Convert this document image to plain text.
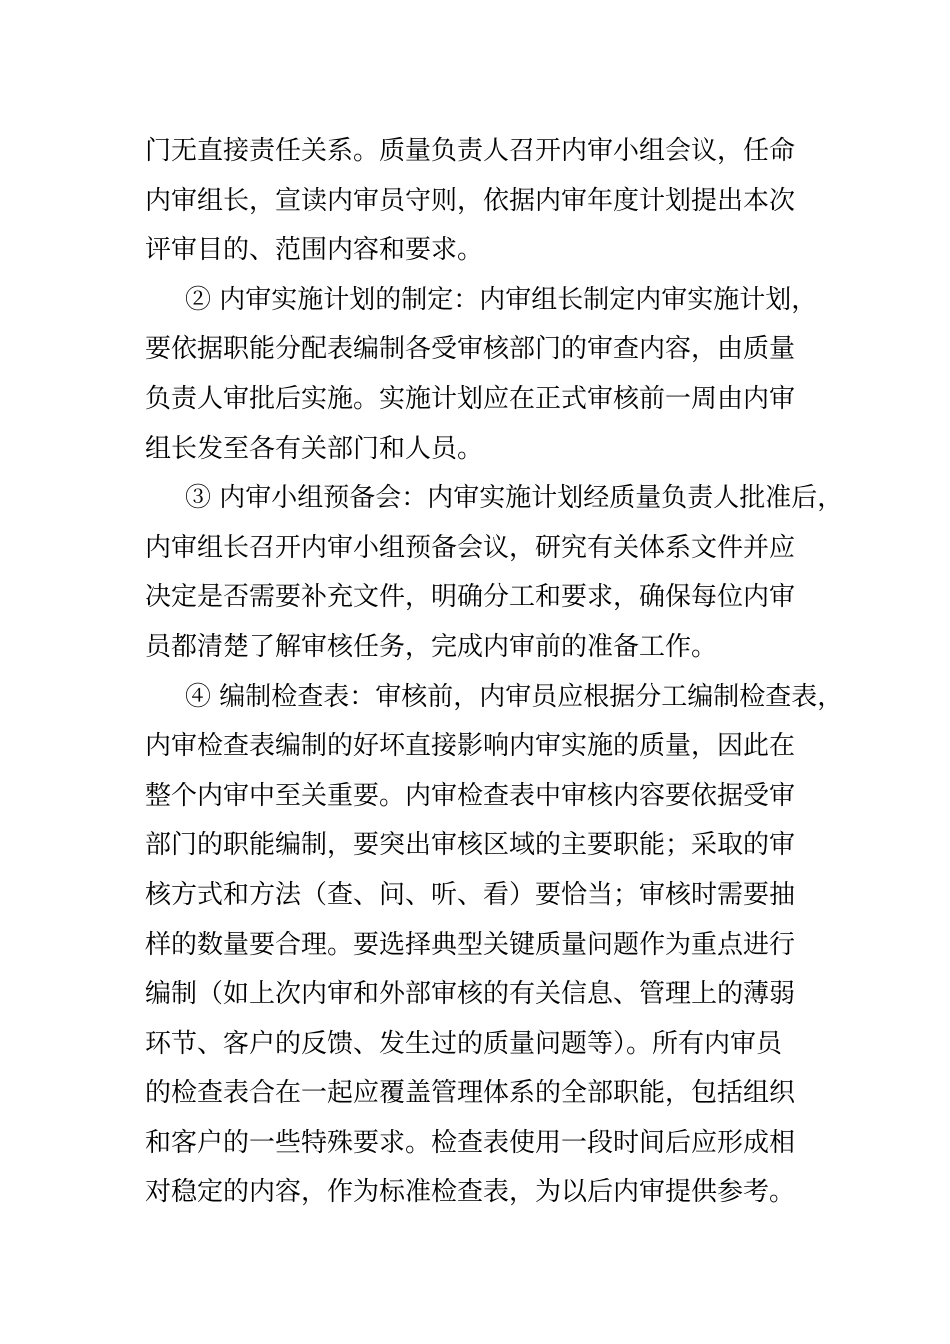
门无直接责任关系。质量负责人召开内审小组会议，任命
内审组长，宣读内审员守则，依据内审年度计划提出本次
评审目的、范围内容和要求。
② 内审实施计划的制定：内审组长制定内审实施计划，
要依据职能分配表编制各受审核部门的审查内容，由质量
负责人审批后实施。实施计划应在正式审核前一周由内审
组长发至各有关部门和人员。
③ 内审小组预备会：内审实施计划经质量负责人批准后，
内审组长召开内审小组预备会议，研究有关体系文件并应
决定是否需要补充文件，明确分工和要求，确保每位内审
员都清楚了解审核任务，完成内审前的准备工作。
④ 编制检查表：审核前，内审员应根据分工编制检查表，
内审检查表编制的好坏直接影响内审实施的质量，因此在
整个内审中至关重要。内审检查表中审核内容要依据受审
部门的职能编制，要突出审核区域的主要职能；采取的审
核方式和方法（查、问、听、看）要恰当；审核时需要抽
样的数量要合理。要选择典型关键质量问题作为重点进行
编制（如上次内审和外部审核的有关信息、管理上的薄弱
环节、客户的反馈、发生过的质量问题等）。所有内审员
的检查表合在一起应覆盖管理体系的全部职能，包括组织
和客户的一些特殊要求。检查表使用一段时间后应形成相
对稳定的内容，作为标准检查表，为以后内审提供参考。
